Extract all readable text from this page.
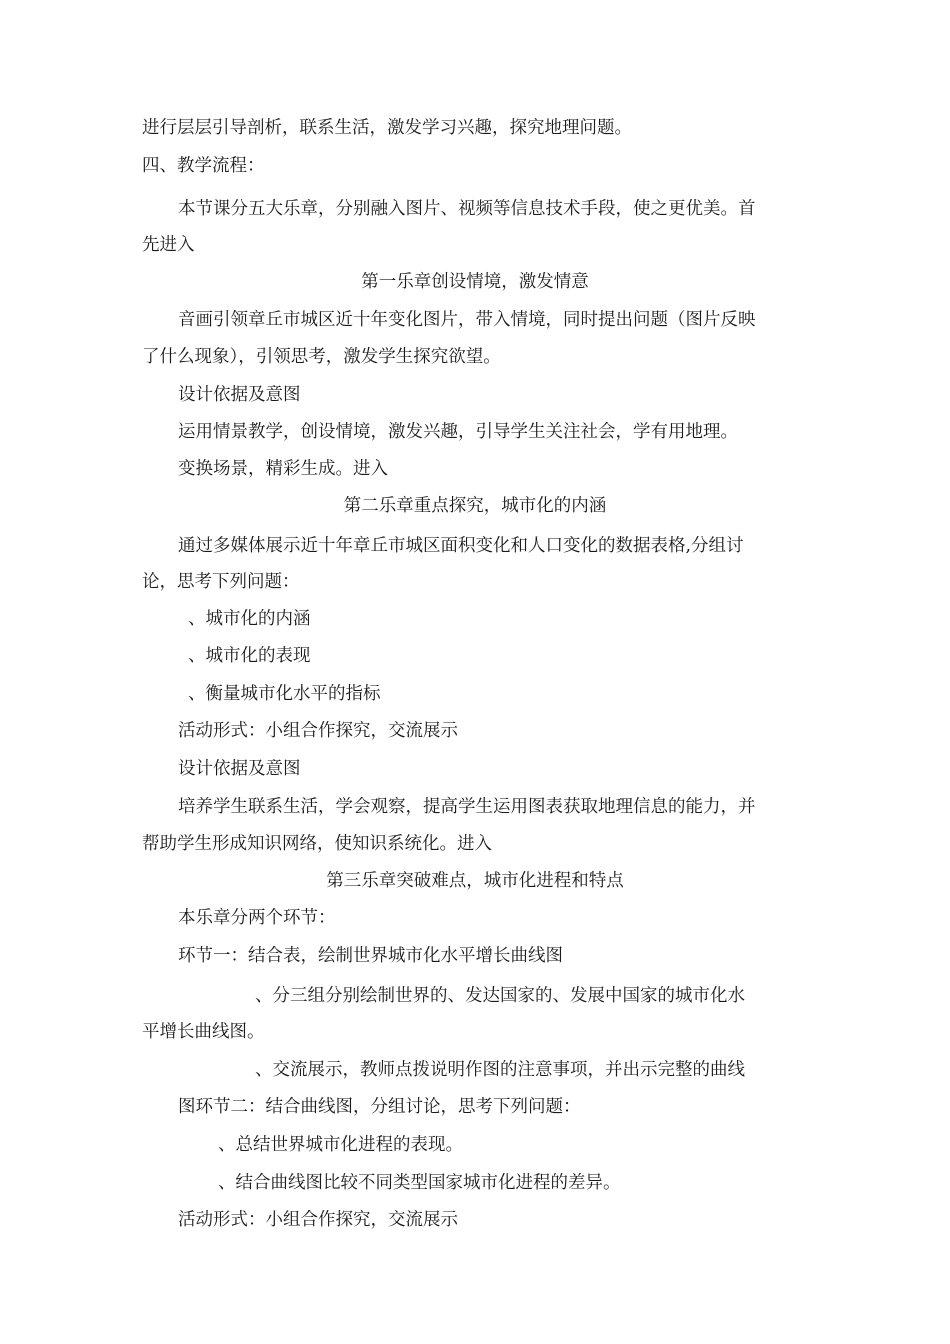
进行层层引导剖析，联系生活，激发学习兴趣，探究地理问题。
四、教学流程：
本节课分五大乐章，分别融入图片、视频等信息技术手段，使之更优美。首
先进入
第一乐章创设情境，激发情意
音画引领章丘市城区近十年变化图片，带入情境，同时提出问题（图片反映
了什么现象），引领思考，激发学生探究欲望。
设计依据及意图
运用情景教学，创设情境，激发兴趣，引导学生关注社会，学有用地理。
变换场景，精彩生成。进入
第二乐章重点探究，城市化的内涵
通过多媒体展示近十年章丘市城区面积变化和人口变化的数据表格,分组讨
论，思考下列问题：
、城市化的内涵
、城市化的表现
、衡量城市化水平的指标
活动形式：小组合作探究，交流展示
设计依据及意图
培养学生联系生活，学会观察，提高学生运用图表获取地理信息的能力，并
帮助学生形成知识网络，使知识系统化。进入
第三乐章突破难点，城市化进程和特点
本乐章分两个环节：
环节一：结合表，绘制世界城市化水平增长曲线图
、分三组分别绘制世界的、发达国家的、发展中国家的城市化水
平增长曲线图。
、交流展示，教师点拨说明作图的注意事项，并出示完整的曲线
图环节二：结合曲线图，分组讨论，思考下列问题：
、总结世界城市化进程的表现。
、结合曲线图比较不同类型国家城市化进程的差异。
活动形式：小组合作探究，交流展示
